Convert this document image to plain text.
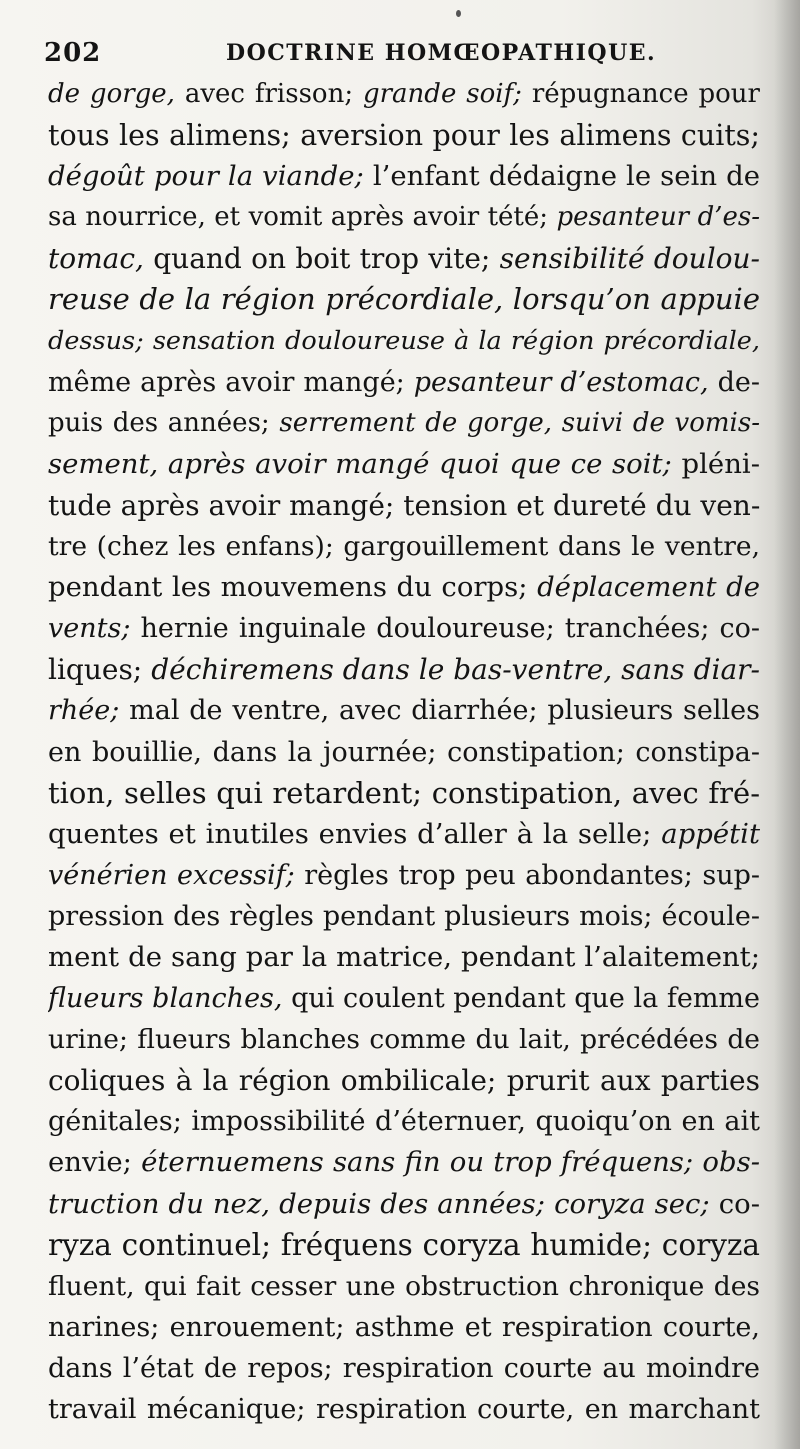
202	DOCTRINE HOMŒOPATHIQUE.
de gorge, avec frisson; grande soif; répugnance pour
tous les alimens; aversion pour les alimens cuits;
dégoût pour la viande; l’enfant dédaigne le sein de
sa nourrice, et vomit après avoir tété; pesanteur d’es-
tomac, quand on boit trop vite; sensibilité doulou-
reuse de la région précordiale, lorsqu’on appuie
dessus; sensation douloureuse à la région précordiale,
même après avoir mangé; pesanteur d’estomac, de-
puis des années; serrement de gorge, suivi de vomis-
sement, après avoir mangé quoi que ce soit; pléni-
tude après avoir mangé; tension et dureté du ven-
tre (chez les enfans); gargouillement dans le ventre,
pendant les mouvemens du corps; déplacement de
vents; hernie inguinale douloureuse; tranchées; co-
liques; déchiremens dans le bas-ventre, sans diar-
rhée; mal de ventre, avec diarrhée; plusieurs selles
en bouillie, dans la journée; constipation; constipa-
tion, selles qui retardent; constipation, avec fré-
quentes et inutiles envies d’aller à la selle; appétit
vénérien excessif; règles trop peu abondantes; sup-
pression des règles pendant plusieurs mois; écoule-
ment de sang par la matrice, pendant l’alaitement;
flueurs blanches, qui coulent pendant que la femme
urine; flueurs blanches comme du lait, précédées de
coliques à la région ombilicale; prurit aux parties
génitales; impossibilité d’éternuer, quoiqu’on en ait
envie; éternuemens sans fin ou trop fréquens; obs-
truction du nez, depuis des années; coryza sec; co-
ryza continuel; fréquens coryza humide; coryza
fluent, qui fait cesser une obstruction chronique des
narines; enrouement; asthme et respiration courte,
dans l’état de repos; respiration courte au moindre
travail mécanique; respiration courte, en marchant
